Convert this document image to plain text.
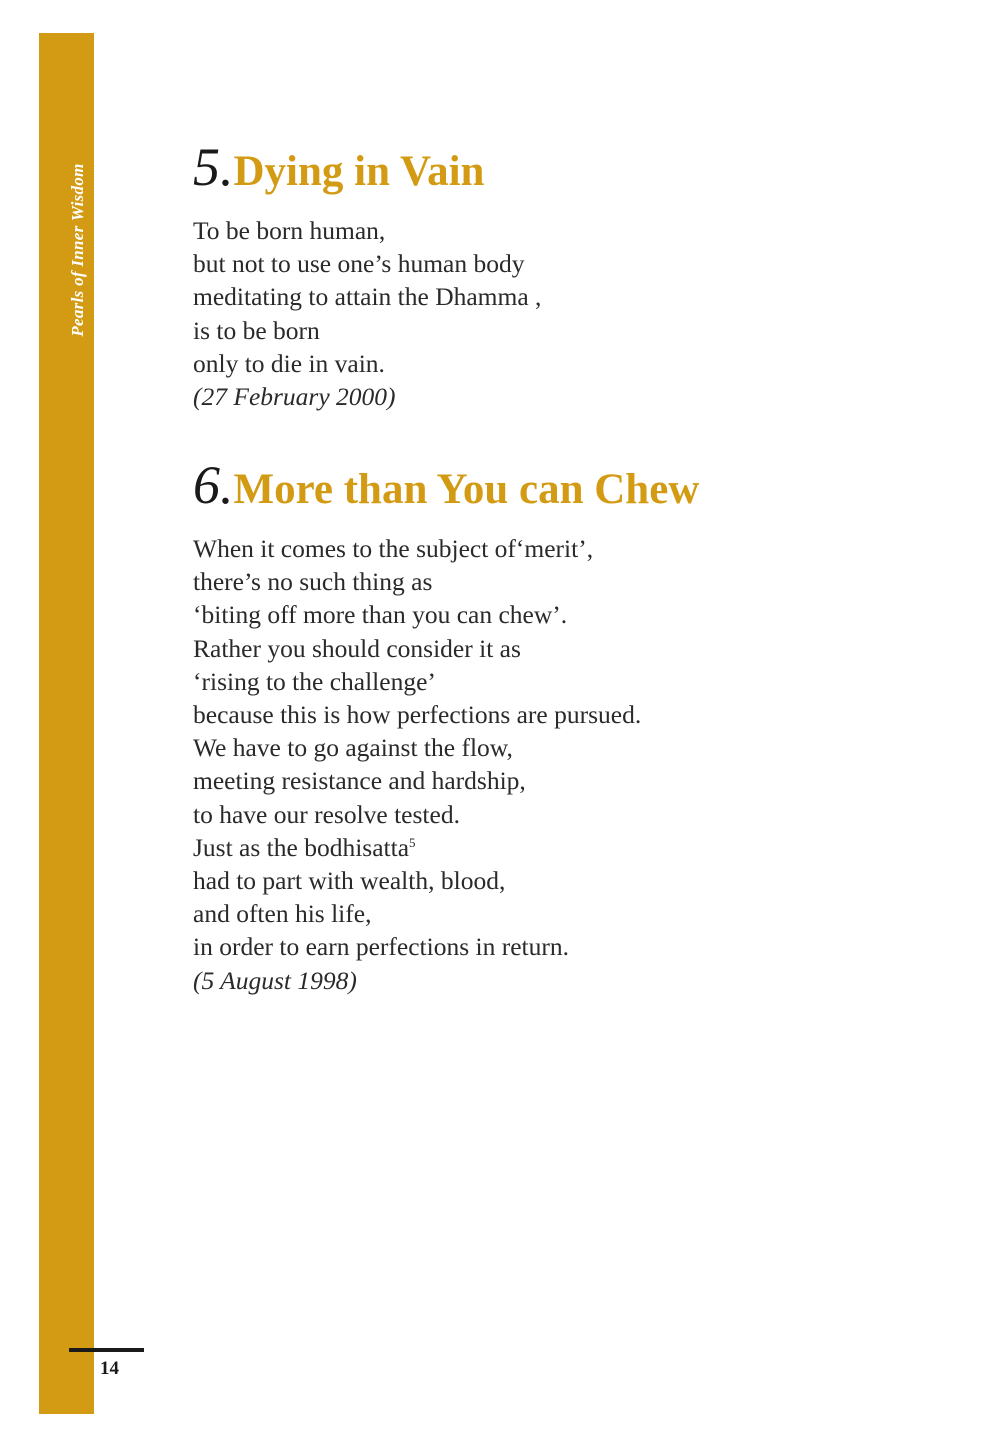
Pearls of Inner Wisdom
14
5. Dying in Vain
To be born human,
but not to use one’s human body
meditating to attain the Dhamma ,
is to be born
only to die in vain.
(27 February 2000)
6. More than You can Chew
When it comes to the subject of‘merit’,
there’s no such thing as
‘biting off more than you can chew’.
Rather you should consider it as
‘rising to the challenge’
because this is how perfections are pursued.
We have to go against the flow,
meeting resistance and hardship,
to have our resolve tested.
Just as the bodhisatta$^5$
had to part with wealth, blood,
and often his life,
in order to earn perfections in return.
(5 August 1998)
